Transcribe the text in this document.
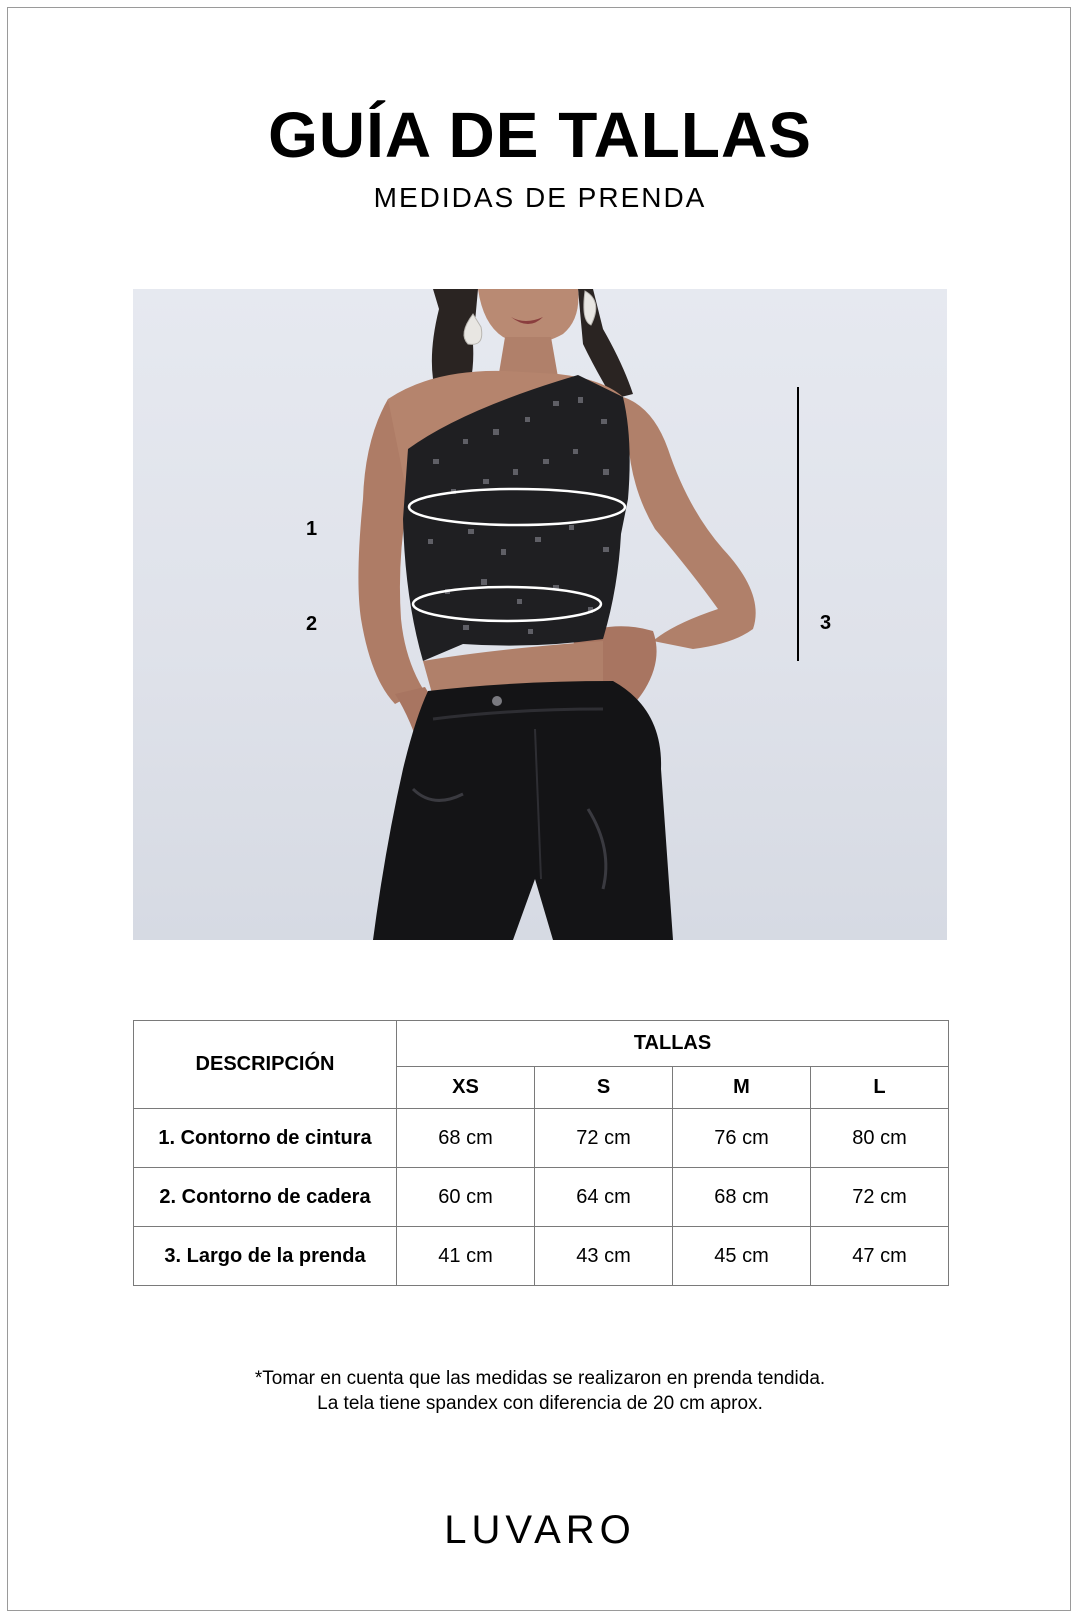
GUÍA DE TALLAS
MEDIDAS DE PRENDA
1
2	3
DESCRIPCIÓN	TALLAS			
	XS	S	M	L
1. Contorno de cintura	68 cm	72 cm	76 cm	80 cm
2. Contorno de cadera	60 cm	64 cm	68 cm	72 cm
3. Largo de la prenda	41 cm	43 cm	45 cm	47 cm
*Tomar en cuenta que las medidas se realizaron en prenda tendida.
La tela tiene spandex con diferencia de 20 cm aprox.
LUVARO
